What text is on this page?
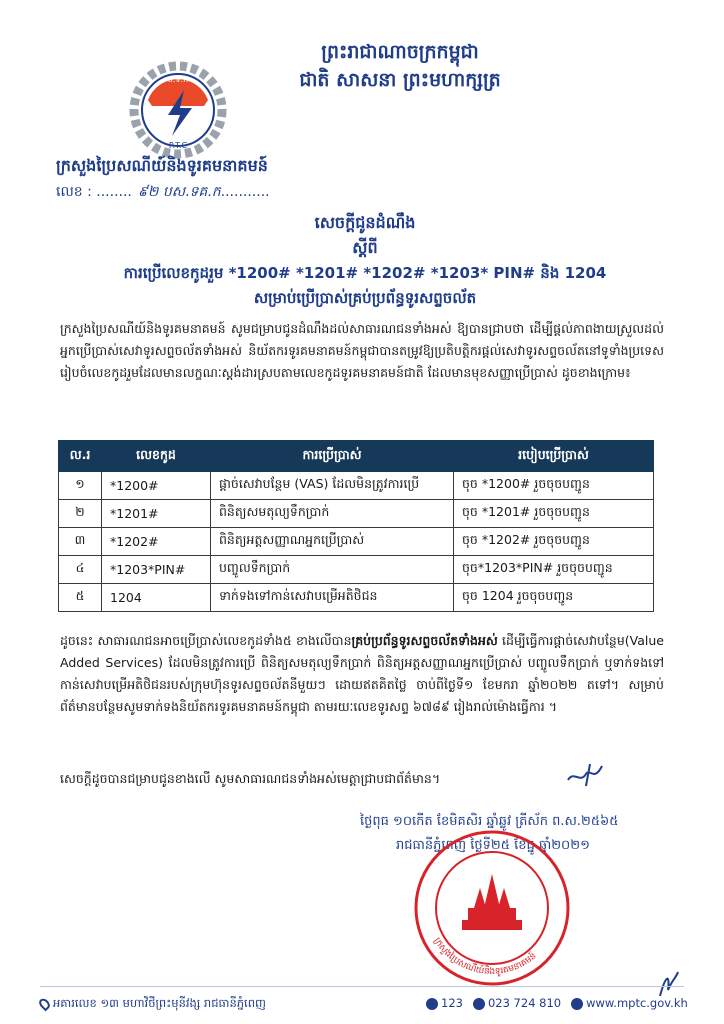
ព្រះរាជាណាចក្រកម្ពុជា
ជាតិ សាសនា ព្រះមហាក្សត្រ
ប.ទ.ក
P.T.C
ក្រសួងប្រៃសណីយ៍និងទូរគមនាគមន៍
លេខ : ........ ៩២ បស.ទគ.ក...........
សេចក្តីជូនដំណឹង
ស្តីពី
ការប្រើលេខកូដរួម *1200# *1201# *1202# *1203* PIN# និង 1204
សម្រាប់ប្រើប្រាស់គ្រប់ប្រព័ន្ធទូរសព្ទចល័ត
ក្រសួងប្រៃសណីយ៍និងទូរគមនាគមន៍ សូមជម្រាបជូនដំណឹងដល់សាធារណជនទាំងអស់ ឱ្យបានជ្រាបថា ដើម្បីផ្តល់ភាពងាយស្រួលដល់អ្នកប្រើប្រាស់សេវាទូរសព្ទចល័តទាំងអស់ និយ័តករទូរគមនាគមន៍កម្ពុជាបានតម្រូវឱ្យប្រតិបត្តិករផ្តល់សេវាទូរសព្ទចល័តនៅទូទាំងប្រទេស រៀបចំលេខកូដរួមដែលមានលក្ខណៈស្តង់ដារស្របតាមលេខកូដទូរគមនាគមន៍ជាតិ ដែលមានមុខសញ្ញាប្រើប្រាស់ ដូចខាងក្រោម៖
ល.រ	លេខកូដ	ការប្រើប្រាស់	របៀបប្រើប្រាស់
១	*1200#	ផ្តាច់សេវាបន្ថែម (VAS) ដែលមិនត្រូវការប្រើ	ចុច *1200# រួចចុចបញ្ជូន
២	*1201#	ពិនិត្យសមតុល្យទឹកប្រាក់	ចុច *1201# រួចចុចបញ្ជូន
៣	*1202#	ពិនិត្យអត្តសញ្ញាណអ្នកប្រើប្រាស់	ចុច *1202# រួចចុចបញ្ជូន
៤	*1203*PIN#	បញ្ចូលទឹកប្រាក់	ចុច*1203*PIN# រួចចុចបញ្ជូន
៥	1204	ទាក់ទងទៅកាន់សេវាបម្រើអតិថិជន	ចុច 1204 រួចចុចបញ្ជូន
ដូចនេះ សាធារណជនអាចប្រើប្រាស់លេខកូដទាំង៥ ខាងលើបានគ្រប់ប្រព័ន្ធទូរសព្ទចល័តទាំងអស់ ដើម្បីធ្វើការផ្តាច់សេវាបន្ថែម(Value Added Services) ដែលមិនត្រូវការប្រើ ពិនិត្យសមតុល្យទឹកប្រាក់ ពិនិត្យអត្តសញ្ញាណអ្នកប្រើប្រាស់ បញ្ចូលទឹកប្រាក់ ឬទាក់ទងទៅកាន់សេវាបម្រើអតិថិជនរបស់ក្រុមហ៊ុនទូរសព្ទចល័តនីមួយៗ ដោយឥតគិតថ្លៃ ចាប់ពីថ្ងៃទី១ ខែមករា ឆ្នាំ២០២២ តទៅ។ សម្រាប់ព័ត៌មានបន្ថែមសូមទាក់ទងនិយ័តករទូរគមនាគមន៍កម្ពុជា តាមរយៈលេខទូរសព្ទ ៦៧៨៩ រៀងរាល់ម៉ោងធ្វើការ ។
សេចក្តីដូចបានជម្រាបជូនខាងលើ សូមសាធារណជនទាំងអស់មេត្តាជ្រាបជាព័ត៌មាន។
ថ្ងៃពុធ ១០កើត ខែមិគសិរ ឆ្នាំឆ្លូវ ត្រីស័ក ព.ស.២៥៦៥
រាជធានីភ្នំពេញ ថ្ងៃទី២៥ ខែធ្នូ ឆ្នាំ២០២១
ក្រសួងប្រៃសណីយ៍និងទូរគមនាគមន៍
អគារលេខ ១៣ មហាវិថីព្រះមុនីវង្ស រាជធានីភ្នំពេញ	123	023 724 810	www.mptc.gov.kh
